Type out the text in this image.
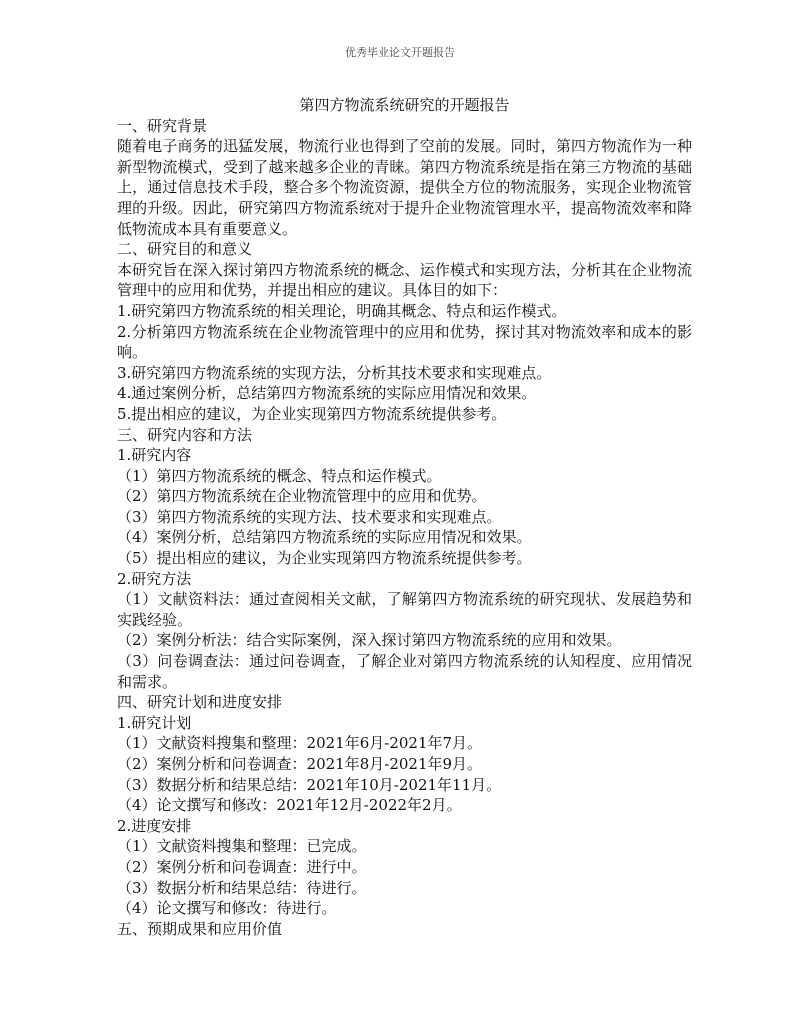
优秀毕业论文开题报告
第四方物流系统研究的开题报告

一、研究背景

随着电子商务的迅猛发展，物流行业也得到了空前的发展。同时，第四方物流作为一种新型物流模式，受到了越来越多企业的青睐。第四方物流系统是指在第三方物流的基础上，通过信息技术手段，整合多个物流资源，提供全方位的物流服务，实现企业物流管理的升级。因此，研究第四方物流系统对于提升企业物流管理水平，提高物流效率和降低物流成本具有重要意义。

二、研究目的和意义

本研究旨在深入探讨第四方物流系统的概念、运作模式和实现方法，分析其在企业物流管理中的应用和优势，并提出相应的建议。具体目的如下：

1.研究第四方物流系统的相关理论，明确其概念、特点和运作模式。

2.分析第四方物流系统在企业物流管理中的应用和优势，探讨其对物流效率和成本的影响。

3.研究第四方物流系统的实现方法，分析其技术要求和实现难点。

4.通过案例分析，总结第四方物流系统的实际应用情况和效果。

5.提出相应的建议，为企业实现第四方物流系统提供参考。

三、研究内容和方法

1.研究内容

（1）第四方物流系统的概念、特点和运作模式。

（2）第四方物流系统在企业物流管理中的应用和优势。

（3）第四方物流系统的实现方法、技术要求和实现难点。

（4）案例分析，总结第四方物流系统的实际应用情况和效果。

（5）提出相应的建议，为企业实现第四方物流系统提供参考。

2.研究方法

（1）文献资料法：通过查阅相关文献，了解第四方物流系统的研究现状、发展趋势和实践经验。

（2）案例分析法：结合实际案例，深入探讨第四方物流系统的应用和效果。

（3）问卷调查法：通过问卷调查，了解企业对第四方物流系统的认知程度、应用情况和需求。

四、研究计划和进度安排

1.研究计划

（1）文献资料搜集和整理：2021年6月-2021年7月。

（2）案例分析和问卷调查：2021年8月-2021年9月。

（3）数据分析和结果总结：2021年10月-2021年11月。

（4）论文撰写和修改：2021年12月-2022年2月。

2.进度安排

（1）文献资料搜集和整理：已完成。

（2）案例分析和问卷调查：进行中。

（3）数据分析和结果总结：待进行。

（4）论文撰写和修改：待进行。

五、预期成果和应用价值
